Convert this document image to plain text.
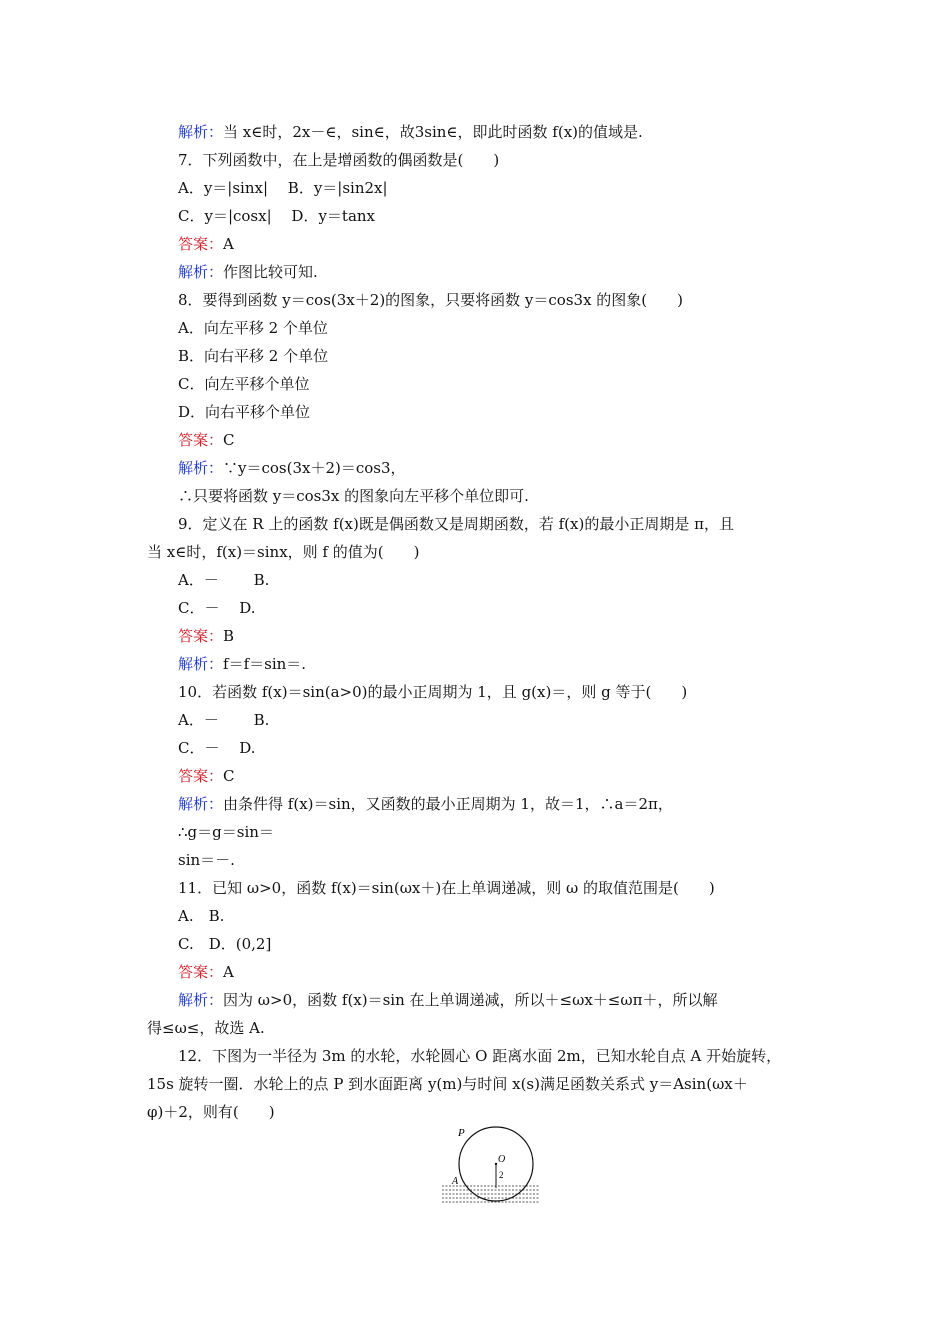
解析：当 x∈时，2x－∈，sin∈，故3sin∈，即此时函数 f(x)的值域是.
7．下列函数中，在上是增函数的偶函数是(　　)
A．y＝|sinx|　 B．y＝|sin2x|
C．y＝|cosx|　 D．y＝tanx
答案：A
解析：作图比较可知.
8．要得到函数 y＝cos(3x＋2)的图象，只要将函数 y＝cos3x 的图象(　　)
A．向左平移 2 个单位
B．向右平移 2 个单位
C．向左平移个单位
D．向右平移个单位
答案：C
解析：∵y＝cos(3x＋2)＝cos3，
∴只要将函数 y＝cos3x 的图象向左平移个单位即可.
9．定义在 R 上的函数 f(x)既是偶函数又是周期函数，若 f(x)的最小正周期是 π，且
当 x∈时，f(x)＝sinx，则 f 的值为(　　)
A．－　　 B.
C．－　 D.
答案：B
解析：f＝f＝sin＝.
10．若函数 f(x)＝sin(a>0)的最小正周期为 1，且 g(x)＝，则 g 等于(　　)
A．－　　 B.
C．－　 D.
答案：C
解析：由条件得 f(x)＝sin，又函数的最小正周期为 1，故＝1，∴a＝2π，
∴g＝g＝sin＝
sin＝－.
11．已知 ω>0，函数 f(x)＝sin(ωx＋)在上单调递减，则 ω 的取值范围是(　　)
A.　B.
C.　D．(0,2]
答案：A
解析：因为 ω>0，函数 f(x)＝sin 在上单调递减，所以＋≤ωx＋≤ωπ＋，所以解
得≤ω≤，故选 A.
12．下图为一半径为 3m 的水轮，水轮圆心 O 距离水面 2m，已知水轮自点 A 开始旋转，
15s 旋转一圈．水轮上的点 P 到水面距离 y(m)与时间 x(s)满足函数关系式 y＝Asin(ωx＋
φ)＋2，则有(　　)
P
O
2
A
